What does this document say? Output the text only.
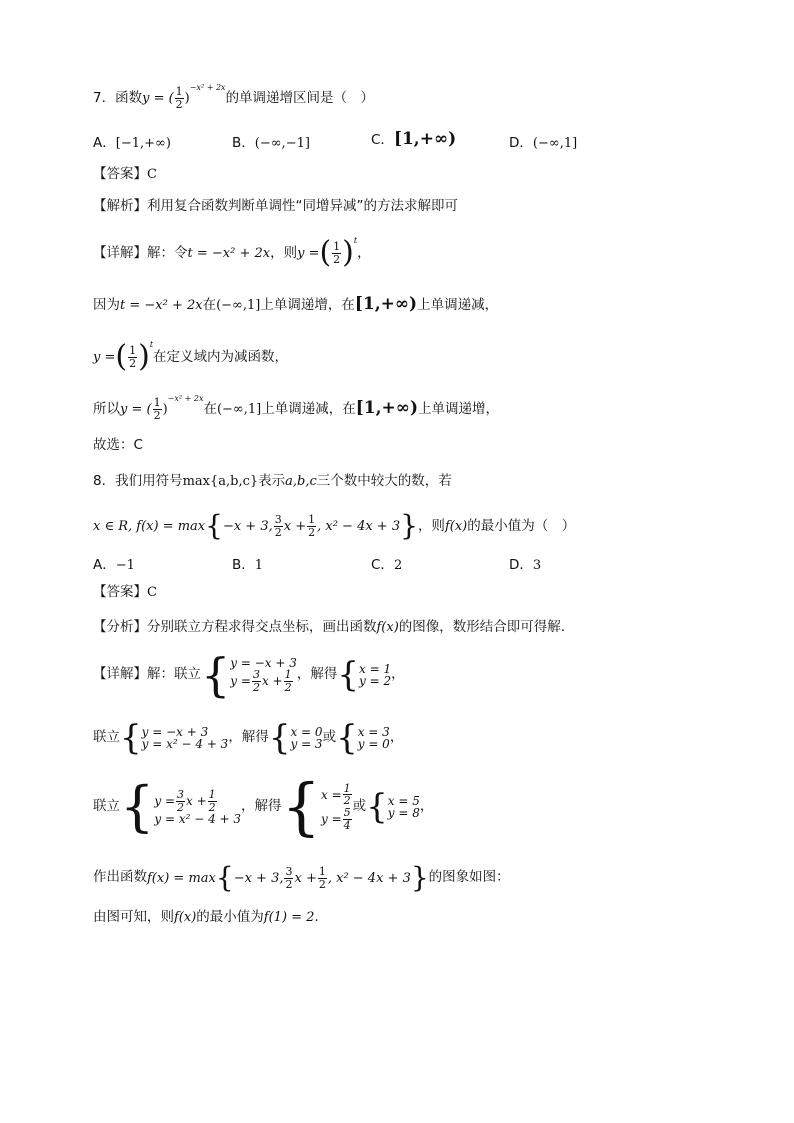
7．函数 y = ( $\frac{1}{2}$ )
−x² + 2x
的单调递增区间是（　）
A．[−1,+∞)	B．(−∞,−1]	C．[1,+∞)	D．(−∞,1]
【答案】C
【解析】利用复合函数判断单调性“同增异减”的方法求解即可
【详解】解：令t = −x² + 2x，则 y = ( $\frac{1}{2}$ ) t
，
因为t = −x² + 2x在(−∞,1]上单调递增，在[1,+∞)上单调递减，
y = ( $\frac{1}{2}$ ) t
在定义域内为减函数，
所以 y = ( $\frac{1}{2}$ )
−x² + 2x
在(−∞,1]上单调递减，在[1,+∞)上单调递增，
故选：C
8．我们用符号max{a,b,c}表示a,b,c三个数中较大的数，若
x ∈ R, f(x) = max { −x + 3, $\frac{3}{2}$ $x + \frac{1}{2}$ , x² − 4x + 3 } ，则f(x)的最小值为（　）
A．−1	B．1	C．2	D．3
【答案】C
【分析】分别联立方程求得交点坐标，画出函数f(x)的图像，数形结合即可得解.
【详解】 解：联立 { y = −x + 3
$y = \frac{3}{2}$ $x + \frac{1}{2}$ ，解得 { x = 1
y = 2 ，
联立 { y = −x + 3
y = x² − 4 + 3 ，解得 { x = 0
y = 3 或 { x = 3
y = 0 ，
联立 { $y = \frac{3}{2}$ $x + \frac{1}{2}$
y = x² − 4 + 3
，解得 { $x = \frac{1}{2}$
$y = \frac{5}{4}$
或 { x = 5
y = 8 ，
作出函数 f(x) = max { −x + 3, $\frac{3}{2}$ $x + \frac{1}{2}$ , x² − 4x + 3 } 的图象如图：
由图可知，则f(x)的最小值为f(1) = 2.
